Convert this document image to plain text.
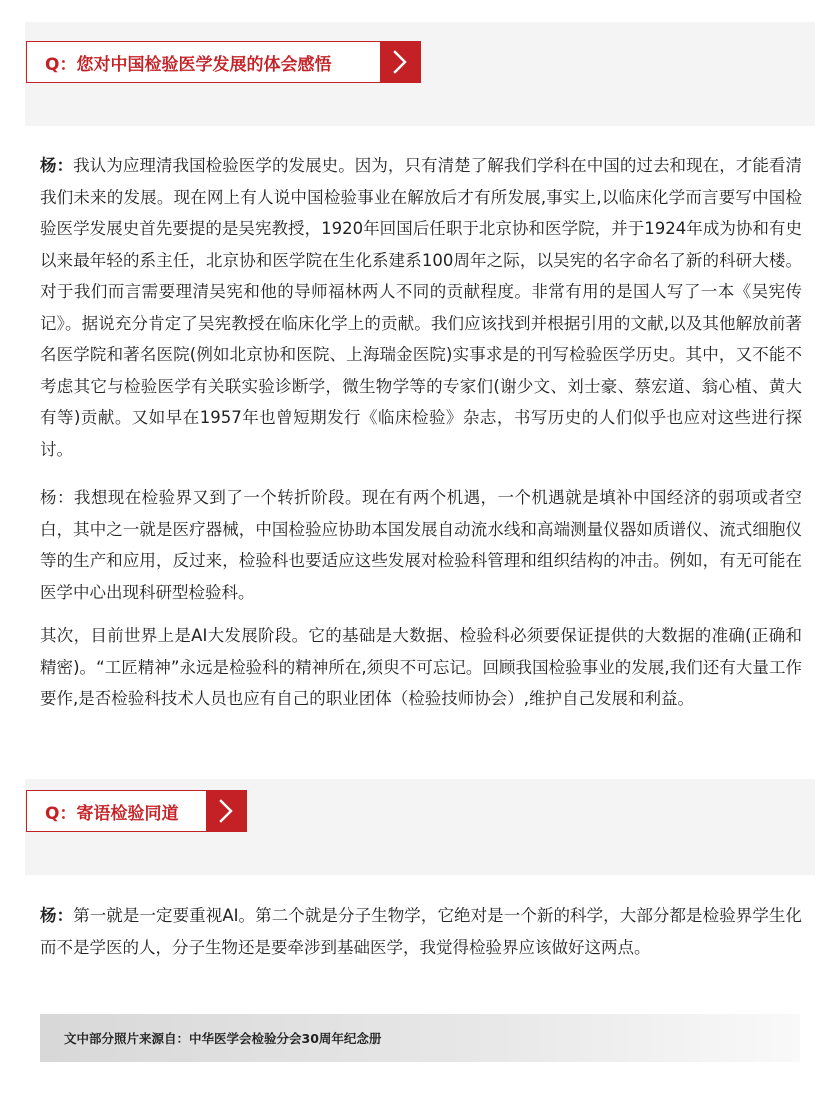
Q：您对中国检验医学发展的体会感悟

杨：我认为应理清我国检验医学的发展史。因为，只有清楚了解我们学科在中国的过去和现在，才能看清我们未来的发展。现在网上有人说中国检验事业在解放后才有所发展,事实上,以临床化学而言要写中国检验医学发展史首先要提的是吴宪教授，1920年回国后任职于北京协和医学院，并于1924年成为协和有史以来最年轻的系主任，北京协和医学院在生化系建系100周年之际，以吴宪的名字命名了新的科研大楼。对于我们而言需要理清吴宪和他的导师福林两人不同的贡献程度。非常有用的是国人写了一本《吴宪传记》。据说充分肯定了吴宪教授在临床化学上的贡献。我们应该找到并根据引用的文献,以及其他解放前著名医学院和著名医院(例如北京协和医院、上海瑞金医院)实事求是的刊写检验医学历史。其中，又不能不考虑其它与检验医学有关联实验诊断学，微生物学等的专家们(谢少文、刘士豪、蔡宏道、翁心植、黄大有等)贡献。又如早在1957年也曾短期发行《临床检验》杂志，书写历史的人们似乎也应对这些进行探讨。

杨：我想现在检验界又到了一个转折阶段。现在有两个机遇，一个机遇就是填补中国经济的弱项或者空白，其中之一就是医疗器械，中国检验应协助本国发展自动流水线和高端测量仪器如质谱仪、流式细胞仪等的生产和应用，反过来，检验科也要适应这些发展对检验科管理和组织结构的冲击。例如，有无可能在医学中心出现科研型检验科。

其次，目前世界上是AI大发展阶段。它的基础是大数据、检验科必须要保证提供的大数据的准确(正确和精密)。“工匠精神”永远是检验科的精神所在,须臾不可忘记。回顾我国检验事业的发展,我们还有大量工作要作,是否检验科技术人员也应有自己的职业团体（检验技师协会）,维护自己发展和利益。

Q：寄语检验同道

杨：第一就是一定要重视AI。第二个就是分子生物学，它绝对是一个新的科学，大部分都是检验界学生化而不是学医的人，分子生物还是要牵涉到基础医学，我觉得检验界应该做好这两点。

文中部分照片来源自：中华医学会检验分会30周年纪念册
